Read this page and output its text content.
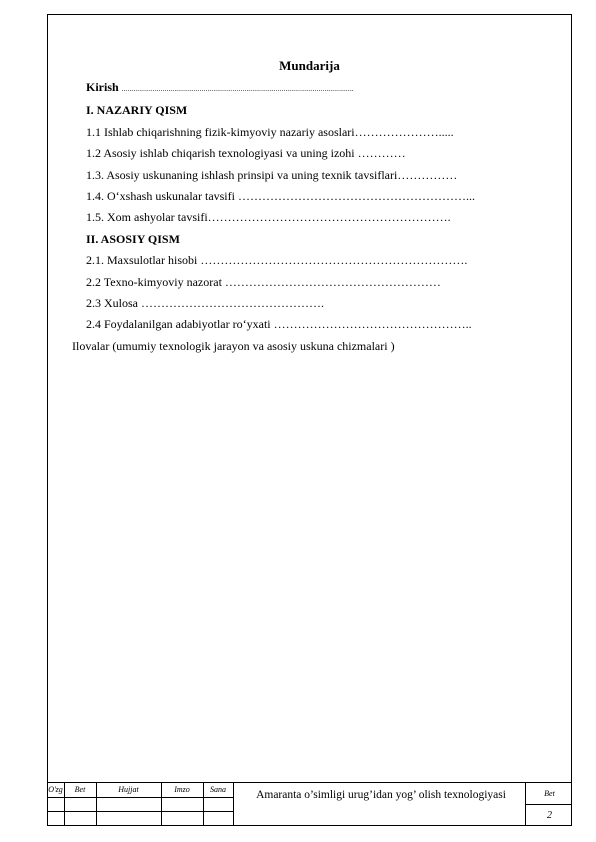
Mundarija
Kirish .......................................................................................................................
I. NAZARIY QISM
1.1 Ishlab chiqarishning fizik-kimyoviy nazariy asoslari………………….....
1.2 Asosiy ishlab chiqarish texnologiyasi va uning izohi …………
1.3. Asosiy uskunaning ishlash prinsipi va uning texnik tavsiflari……………
1.4. O‘xshash uskunalar tavsifi …………………………………………………...
1.5. Xom ashyolar tavsifi…………………………………………………….
II. ASOSIY QISM
2.1. Maxsulotlar hisobi ………………………………………………………….
2.2 Texno-kimyoviy nazorat ………………………………………………
2.3 Xulosa ……………………………………….
2.4 Foydalanilgan adabiyotlar ro‘yxati …………………………………………..
Ilovalar (umumiy texnologik jarayon va asosiy uskuna chizmalari )
O'zg	Bet	Hujjat	Imzo	Sana	Amaranta o’simligi urug’idan yog’ olish texnologiyasi	Bet
2
